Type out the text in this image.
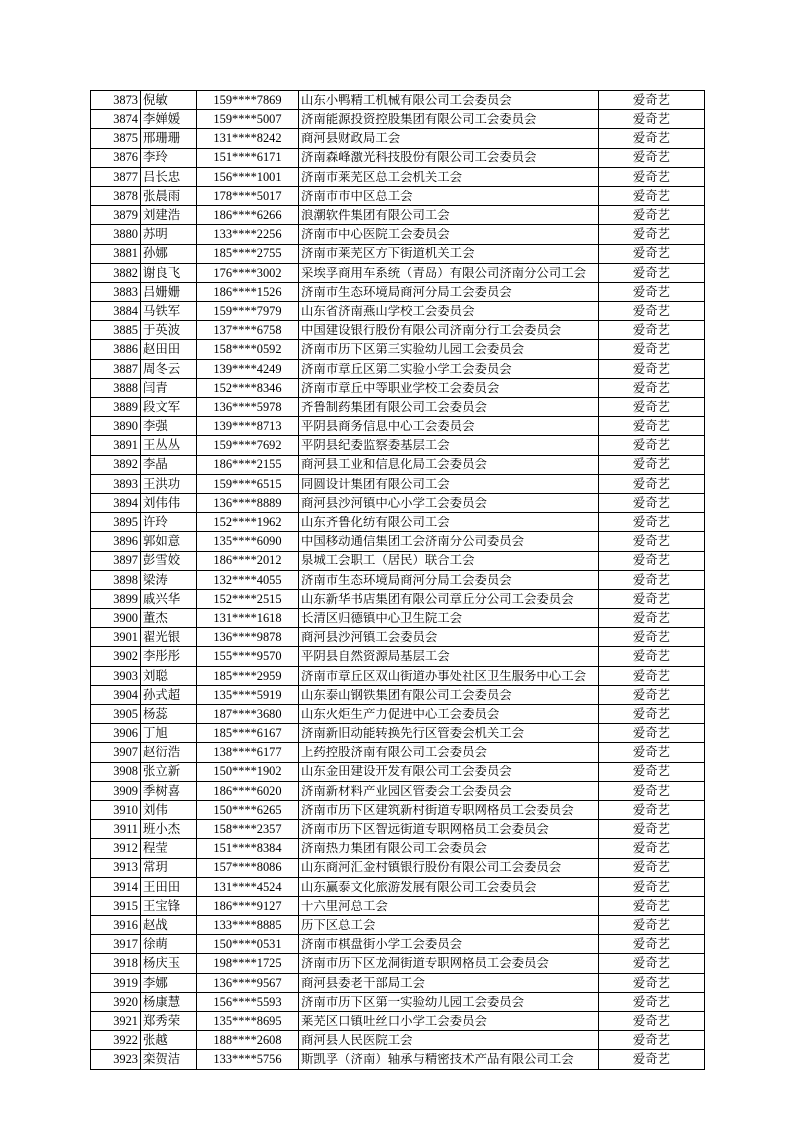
3873	倪敏	159****7869	山东小鸭精工机械有限公司工会委员会	爱奇艺
3874	李婵媛	159****5007	济南能源投资控股集团有限公司工会委员会	爱奇艺
3875	邢珊珊	131****8242	商河县财政局工会	爱奇艺
3876	李玲	151****6171	济南森峰激光科技股份有限公司工会委员会	爱奇艺
3877	吕长忠	156****1001	济南市莱芜区总工会机关工会	爱奇艺
3878	张晨雨	178****5017	济南市市中区总工会	爱奇艺
3879	刘建浩	186****6266	浪潮软件集团有限公司工会	爱奇艺
3880	苏明	133****2256	济南市中心医院工会委员会	爱奇艺
3881	孙娜	185****2755	济南市莱芜区方下街道机关工会	爱奇艺
3882	谢良飞	176****3002	采埃孚商用车系统（青岛）有限公司济南分公司工会	爱奇艺
3883	吕姗姗	186****1526	济南市生态环境局商河分局工会委员会	爱奇艺
3884	马铁军	159****7979	山东省济南燕山学校工会委员会	爱奇艺
3885	于英波	137****6758	中国建设银行股份有限公司济南分行工会委员会	爱奇艺
3886	赵田田	158****0592	济南市历下区第三实验幼儿园工会委员会	爱奇艺
3887	周冬云	139****4249	济南市章丘区第二实验小学工会委员会	爱奇艺
3888	闫青	152****8346	济南市章丘中等职业学校工会委员会	爱奇艺
3889	段文军	136****5978	齐鲁制药集团有限公司工会委员会	爱奇艺
3890	李强	139****8713	平阴县商务信息中心工会委员会	爱奇艺
3891	王丛丛	159****7692	平阴县纪委监察委基层工会	爱奇艺
3892	李晶	186****2155	商河县工业和信息化局工会委员会	爱奇艺
3893	王洪功	159****6515	同圆设计集团有限公司工会	爱奇艺
3894	刘伟伟	136****8889	商河县沙河镇中心小学工会委员会	爱奇艺
3895	许玲	152****1962	山东齐鲁化纺有限公司工会	爱奇艺
3896	郭如意	135****6090	中国移动通信集团工会济南分公司委员会	爱奇艺
3897	彭雪姣	186****2012	泉城工会职工（居民）联合工会	爱奇艺
3898	梁涛	132****4055	济南市生态环境局商河分局工会委员会	爱奇艺
3899	戚兴华	152****2515	山东新华书店集团有限公司章丘分公司工会委员会	爱奇艺
3900	董杰	131****1618	长清区归德镇中心卫生院工会	爱奇艺
3901	翟光银	136****9878	商河县沙河镇工会委员会	爱奇艺
3902	李彤彤	155****9570	平阴县自然资源局基层工会	爱奇艺
3903	刘聪	185****2959	济南市章丘区双山街道办事处社区卫生服务中心工会	爱奇艺
3904	孙式超	135****5919	山东泰山钢铁集团有限公司工会委员会	爱奇艺
3905	杨蕊	187****3680	山东火炬生产力促进中心工会委员会	爱奇艺
3906	丁旭	185****6167	济南新旧动能转换先行区管委会机关工会	爱奇艺
3907	赵衍浩	138****6177	上药控股济南有限公司工会委员会	爱奇艺
3908	张立新	150****1902	山东金田建设开发有限公司工会委员会	爱奇艺
3909	季树喜	186****6020	济南新材料产业园区管委会工会委员会	爱奇艺
3910	刘伟	150****6265	济南市历下区建筑新村街道专职网格员工会委员会	爱奇艺
3911	班小杰	158****2357	济南市历下区智远街道专职网格员工会委员会	爱奇艺
3912	程莹	151****8384	济南热力集团有限公司工会委员会	爱奇艺
3913	常玥	157****8086	山东商河汇金村镇银行股份有限公司工会委员会	爱奇艺
3914	王田田	131****4524	山东赢泰文化旅游发展有限公司工会委员会	爱奇艺
3915	王宝锋	186****9127	十六里河总工会	爱奇艺
3916	赵战	133****8885	历下区总工会	爱奇艺
3917	徐萌	150****0531	济南市棋盘街小学工会委员会	爱奇艺
3918	杨庆玉	198****1725	济南市历下区龙洞街道专职网格员工会委员会	爱奇艺
3919	李娜	136****9567	商河县委老干部局工会	爱奇艺
3920	杨康慧	156****5593	济南市历下区第一实验幼儿园工会委员会	爱奇艺
3921	郑秀荣	135****8695	莱芜区口镇吐丝口小学工会委员会	爱奇艺
3922	张越	188****2608	商河县人民医院工会	爱奇艺
3923	栾贺洁	133****5756	斯凯孚（济南）轴承与精密技术产品有限公司工会	爱奇艺
